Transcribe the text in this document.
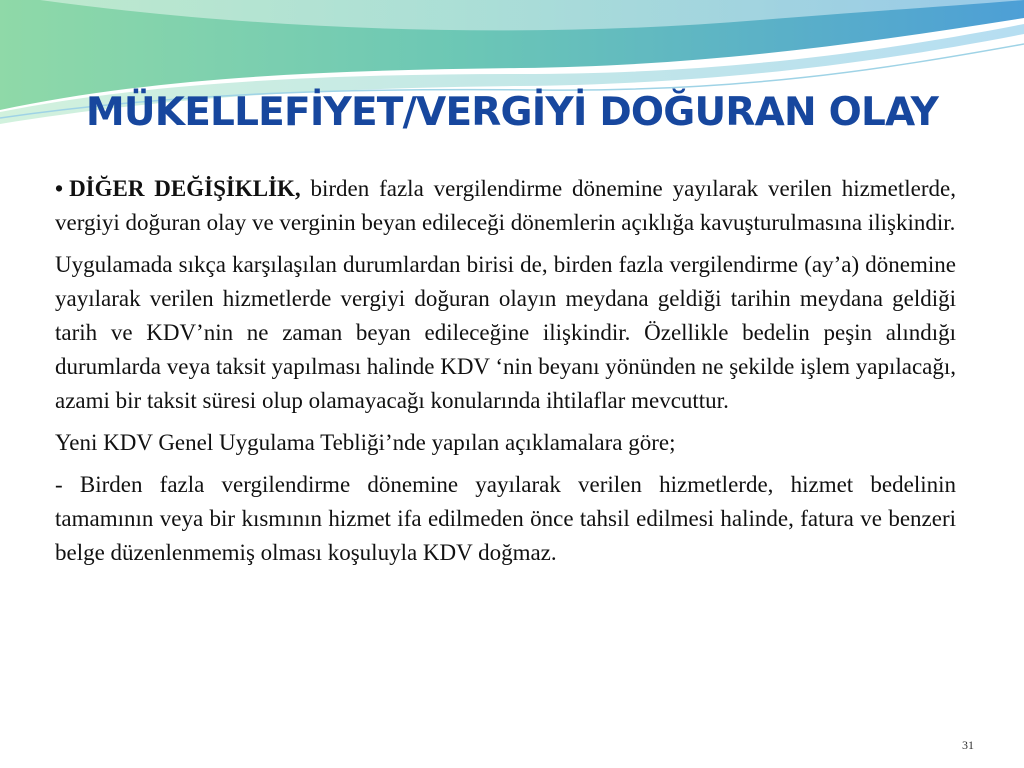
MÜKELLEFİYET/VERGİYİ DOĞURAN OLAY

• DİĞER DEĞİŞİKLİK, birden fazla vergilendirme dönemine yayılarak verilen hizmetlerde, vergiyi doğuran olay ve verginin beyan edileceği dönemlerin açıklığa kavuşturulmasına ilişkindir.

Uygulamada sıkça karşılaşılan durumlardan birisi de, birden fazla vergilendirme (ay’a) dönemine yayılarak verilen hizmetlerde vergiyi doğuran olayın meydana geldiği tarihin meydana geldiği tarih ve KDV’nin ne zaman beyan edileceğine ilişkindir. Özellikle bedelin peşin alındığı durumlarda veya taksit yapılması halinde KDV ‘nin beyanı yönünden ne şekilde işlem yapılacağı, azami bir taksit süresi olup olamayacağı konularında ihtilaflar mevcuttur.

Yeni KDV Genel Uygulama Tebliği’nde yapılan açıklamalara göre;

- Birden fazla vergilendirme dönemine yayılarak verilen hizmetlerde, hizmet bedelinin tamamının veya bir kısmının hizmet ifa edilmeden önce tahsil edilmesi halinde, fatura ve benzeri belge düzenlenmemiş olması koşuluyla KDV doğmaz.

31
